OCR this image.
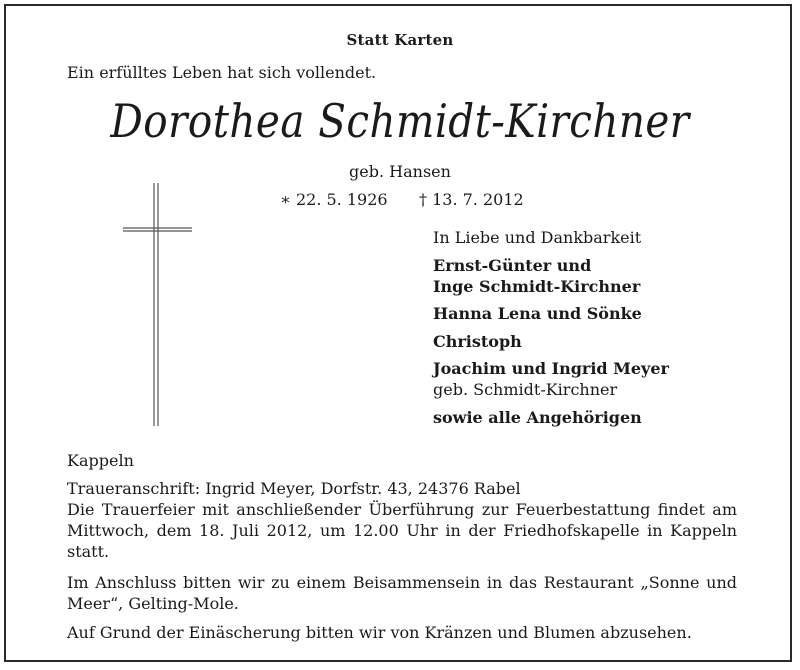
Statt Karten
Ein erfülltes Leben hat sich vollendet.
Dorothea Schmidt-Kirchner
geb. Hansen
∗ 22. 5. 1926 † 13. 7. 2012
In Liebe und Dankbarkeit
Ernst-Günter und
Inge Schmidt-Kirchner
Hanna Lena und Sönke
Christoph
Joachim und Ingrid Meyer
geb. Schmidt-Kirchner
sowie alle Angehörigen
Kappeln
Traueranschrift: Ingrid Meyer, Dorfstr. 43, 24376 Rabel
Die Trauerfeier mit anschließender Überführung zur Feuerbestattung findet am Mittwoch, dem 18. Juli 2012, um 12.00 Uhr in der Friedhofskapelle in Kappeln statt.
Im Anschluss bitten wir zu einem Beisammensein in das Restaurant „Sonne und Meer“, Gelting-Mole.
Auf Grund der Einäscherung bitten wir von Kränzen und Blumen abzusehen.
